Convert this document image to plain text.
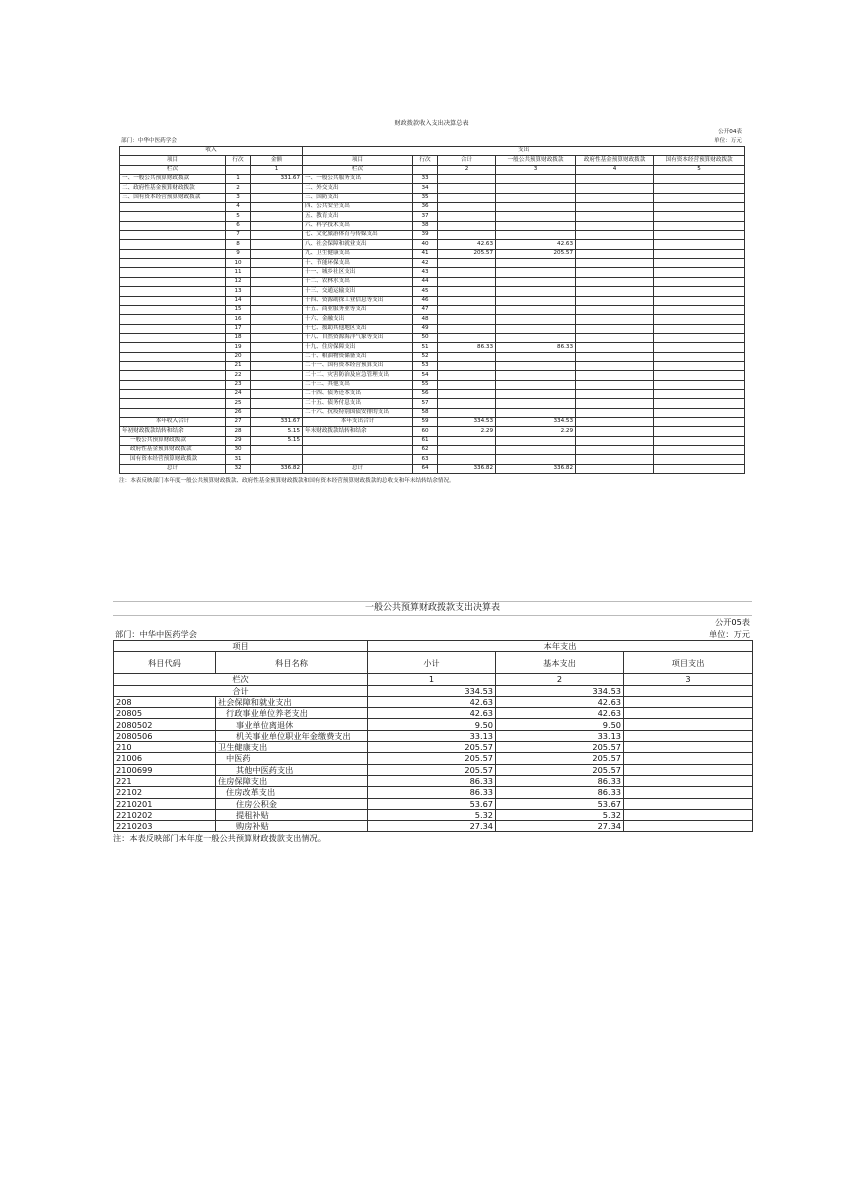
财政拨款收入支出决算总表
公开04表
部门：中华中医药学会	单位：万元
收入			支出					
项目	行次	金额	项目	行次	合计	一般公共预算财政拨款	政府性基金预算财政拨款	国有资本经营预算财政拨款
栏次		1	栏次		2	3	4	5
一、一般公共预算财政拨款	1	331.67	一、一般公共服务支出	33				
二、政府性基金预算财政拨款	2		二、外交支出	34				
三、国有资本经营预算财政拨款	3		三、国防支出	35				
	4		四、公共安全支出	36				
	5		五、教育支出	37				
	6		六、科学技术支出	38				
	7		七、文化旅游体育与传媒支出	39				
	8		八、社会保障和就业支出	40	42.63	42.63		
	9		九、卫生健康支出	41	205.57	205.57		
	10		十、节能环保支出	42				
	11		十一、城乡社区支出	43				
	12		十二、农林水支出	44				
	13		十三、交通运输支出	45				
	14		十四、资源勘探工业信息等支出	46				
	15		十五、商业服务业等支出	47				
	16		十六、金融支出	48				
	17		十七、援助其他地区支出	49				
	18		十八、自然资源海洋气象等支出	50				
	19		十九、住房保障支出	51	86.33	86.33		
	20		二十、粮油物资储备支出	52				
	21		二十一、国有资本经营预算支出	53				
	22		二十二、灾害防治及应急管理支出	54				
	23		二十三、其他支出	55				
	24		二十四、债务还本支出	56				
	25		二十五、债务付息支出	57				
	26		二十六、抗疫特别国债安排的支出	58				
本年收入合计	27	331.67	本年支出合计	59	334.53	334.53		
年初财政拨款结转和结余	28	5.15	年末财政拨款结转和结余	60	2.29	2.29		
一般公共预算财政拨款	29	5.15		61				
政府性基金预算财政拨款	30			62				
国有资本经营预算财政拨款	31			63				
总计	32	336.82	总计	64	336.82	336.82		
注：本表反映部门本年度一般公共预算财政拨款、政府性基金预算财政拨款和国有资本经营预算财政拨款的总收支和年末结转结余情况。
一般公共预算财政拨款支出决算表
公开05表
部门：中华中医药学会	单位：万元
项目		本年支出		
科目代码	科目名称	小计	基本支出	项目支出
栏次		1	2	3
合计		334.53	334.53	
208	社会保障和就业支出	42.63	42.63	
20805	行政事业单位养老支出	42.63	42.63	
2080502	事业单位离退休	9.50	9.50	
2080506	机关事业单位职业年金缴费支出	33.13	33.13	
210	卫生健康支出	205.57	205.57	
21006	中医药	205.57	205.57	
2100699	其他中医药支出	205.57	205.57	
221	住房保障支出	86.33	86.33	
22102	住房改革支出	86.33	86.33	
2210201	住房公积金	53.67	53.67	
2210202	提租补贴	5.32	5.32	
2210203	购房补贴	27.34	27.34	
注：本表反映部门本年度一般公共预算财政拨款支出情况。
